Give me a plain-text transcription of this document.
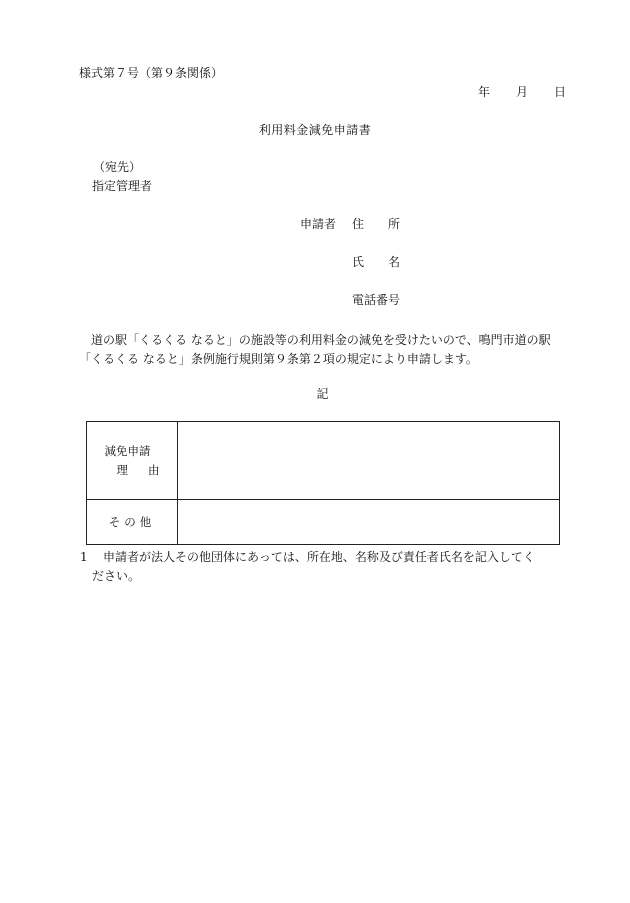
様式第７号（第９条関係）
年 月 日
利用料金減免申請書
（宛先）
指定管理者
申請者 住 所
氏 名
電話番号
　道の駅「くるくる なると」の施設等の利用料金の減免を受けたいので、鳴門市道の駅
「くるくる なると」条例施行規則第９条第２項の規定により申請します。
記
減免申請
理 由	
その他	
1 申請者が法人その他団体にあっては、所在地、名称及び責任者氏名を記入してく
ださい。
